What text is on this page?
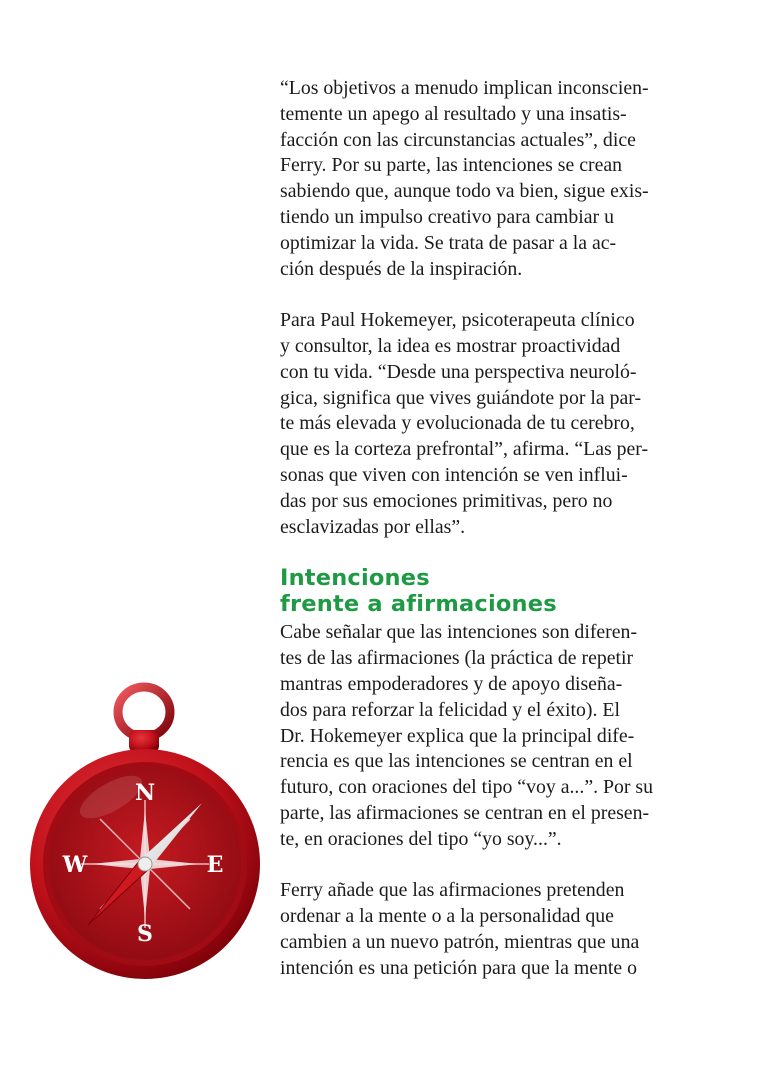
“Los objetivos a menudo implican inconscien-
temente un apego al resultado y una insatis-
facción con las circunstancias actuales”, dice
Ferry. Por su parte, las intenciones se crean
sabiendo que, aunque todo va bien, sigue exis-
tiendo un impulso creativo para cambiar u
optimizar la vida. Se trata de pasar a la ac-
ción después de la inspiración.

Para Paul Hokemeyer, psicoterapeuta clínico
y consultor, la idea es mostrar proactividad
con tu vida. “Desde una perspectiva neuroló-
gica, significa que vives guiándote por la par-
te más elevada y evolucionada de tu cerebro,
que es la corteza prefrontal”, afirma. “Las per-
sonas que viven con intención se ven influi-
das por sus emociones primitivas, pero no
esclavizadas por ellas”.

Intenciones
frente a afirmaciones

Cabe señalar que las intenciones son diferen-
tes de las afirmaciones (la práctica de repetir
mantras empoderadores y de apoyo diseña-
dos para reforzar la felicidad y el éxito). El
Dr. Hokemeyer explica que la principal dife-
rencia es que las intenciones se centran en el
futuro, con oraciones del tipo “voy a...”. Por su
parte, las afirmaciones se centran en el presen-
te, en oraciones del tipo “yo soy...”.

Ferry añade que las afirmaciones pretenden
ordenar a la mente o a la personalidad que
cambien a un nuevo patrón, mientras que una
intención es una petición para que la mente o

N
S
E
W
